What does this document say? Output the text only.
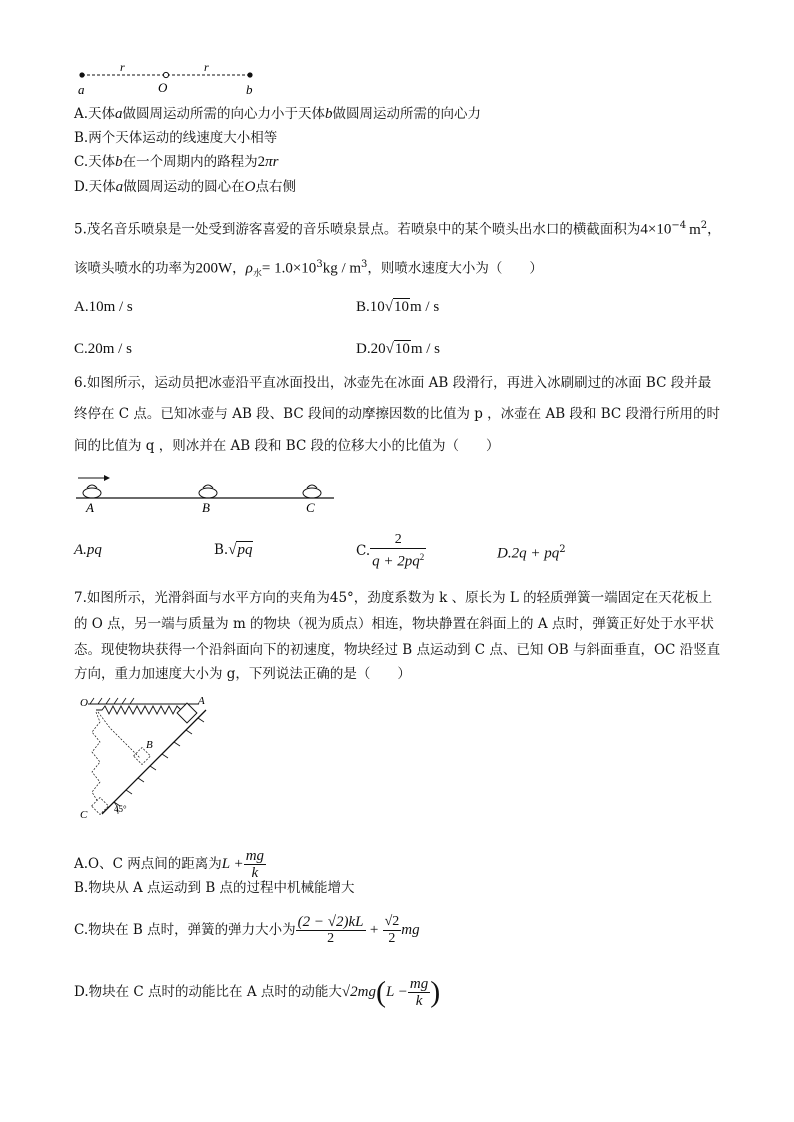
r	r
O
a	b
A.天体a做圆周运动所需的向心力小于天体b做圆周运动所需的向心力
B.两个天体运动的线速度大小相等
C.天体b在一个周期内的路程为2πr
D.天体a做圆周运动的圆心在O点右侧
5.茂名音乐喷泉是一处受到游客喜爱的音乐喷泉景点。若喷泉中的某个喷头出水口的横截面积为$4\times 10^{-4}$ $m^2$，
该喷头喷水的功率为200W，$\rho_水= 1.0\times 10^3kg / m^3$，则喷水速度大小为（　　）
A.10m / s	B.10√10m / s
C.20m / s	D.20√10m / s
6.如图所示，运动员把冰壶沿平直冰面投出，冰壶先在冰面 AB 段滑行，再进入冰刷刷过的冰面 BC 段并最
终停在 C 点。已知冰壶与 AB 段、BC 段间的动摩擦因数的比值为 p ，冰壶在 AB 段和 BC 段滑行所用的时
间的比值为 q ，则冰并在 AB 段和 BC 段的位移大小的比值为（　　）
A	B	C
A.pq	B.√pq	C. $\frac{2}{q + 2pq^2}$	$D.2q + pq^2$
7.如图所示，光滑斜面与水平方向的夹角为45°，劲度系数为 k 、原长为 L 的轻质弹簧一端固定在天花板上
的 O 点，另一端与质量为 m 的物块（视为质点）相连，物块静置在斜面上的 A 点时，弹簧正好处于水平状
态。现使物块获得一个沿斜面向下的初速度，物块经过 B 点运动到 C 点、已知 OB 与斜面垂直，OC 沿竖直
方向，重力加速度大小为 g，下列说法正确的是（　　）
O	A
B
C	45°
A.O、C 两点间的距离为$L + \frac{mg}{k}$
B.物块从 A 点运动到 B 点的过程中机械能增大
C.物块在 B 点时，弹簧的弹力大小为 $\frac{(2 - √2)kL}{2} + \frac{√2}{2}$ mg
D.物块在 C 点时的动能比在 A 点时的动能大$√2mg(L - \frac{mg}{k}$ )
